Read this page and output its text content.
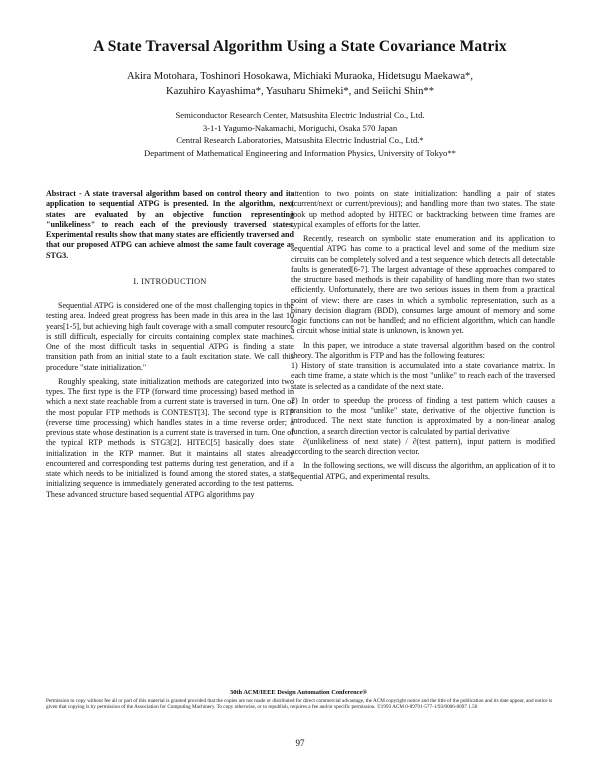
A State Traversal Algorithm Using a State Covariance Matrix
Akira Motohara, Toshinori Hosokawa, Michiaki Muraoka, Hidetsugu Maekawa*,
Kazuhiro Kayashima*, Yasuharu Shimeki*, and Seiichi Shin**
Semiconductor Research Center, Matsushita Electric Industrial Co., Ltd.
3-1-1 Yagumo-Nakamachi, Moriguchi, Osaka 570 Japan
Central Research Laboratories, Matsushita Electric Industrial Co., Ltd.*
Department of Mathematical Engineering and Information Physics, University of Tokyo**

Abstract - A state traversal algorithm based on control theory and its application to sequential ATPG is presented. In the algorithm, next states are evaluated by an objective function representing "unlikeliness" to reach each of the previously traversed states. Experimental results show that many states are efficiently traversed and that our proposed ATPG can achieve almost the same fault coverage as STG3.

I. INTRODUCTION

Sequential ATPG is considered one of the most challenging topics in the testing area. Indeed great progress has been made in this area in the last 10 years[1-5], but achieving high fault coverage with a small computer resource is still difficult, especially for circuits containing complex state machines. One of the most difficult tasks in sequential ATPG is finding a state transition path from an initial state to a fault excitation state. We call this procedure "state initialization."

Roughly speaking, state initialization methods are categorized into two types. The first type is the FTP (forward time processing) based method in which a next state reachable from a current state is traversed in turn. One of the most popular FTP methods is CONTEST[3]. The second type is RTP (reverse time processing) which handles states in a time reverse order; a previous state whose destination is a current state is traversed in turn. One of the typical RTP methods is STG3[2]. HITEC[5] basically does state initialization in the RTP manner. But it maintains all states already encountered and corresponding test patterns during test generation, and if a state which needs to be initialized is found among the stored states, a state initializing sequence is immediately generated according to the test patterns. These advanced structure based sequential ATPG algorithms pay

attention to two points on state initialization: handling a pair of states (current/next or current/previous); and handling more than two states. The state look up method adopted by HITEC or backtracking between time frames are typical examples of efforts for the latter.

Recently, research on symbolic state enumeration and its application to sequential ATPG has come to a practical level and some of the medium size circuits can be completely solved and a test sequence which detects all detectable faults is generated[6-7]. The largest advantage of these approaches compared to the structure based methods is their capability of handling more than two states efficiently. Unfortunately, there are two serious issues in them from a practical point of view: there are cases in which a symbolic representation, such as a binary decision diagram (BDD), consumes large amount of memory and some logic functions can not be handled; and no efficient algorithm, which can handle a circuit whose initial state is unknown, is known yet.

In this paper, we introduce a state traversal algorithm based on the control theory. The algorithm is FTP and has the following features:

1) History of state transition is accumulated into a state covariance matrix. In each time frame, a state which is the most "unlike" to reach each of the traversed state is selected as a candidate of the next state.

2) In order to speedup the process of finding a test pattern which causes a transition to the most "unlike" state, derivative of the objective function is introduced. The next state function is approximated by a non-linear analog function, a search direction vector is calculated by partial derivative

∂(unlikeliness of next state) / ∂(test pattern), input pattern is modified according to the search direction vector.

In the following sections, we will discuss the algorithm, an application of it to sequential ATPG, and experimental results.

30th ACM/IEEE Design Automation Conference®
Permission to copy without fee all or part of this material is granted provided that the copies are not made or distributed for direct commercial advantage, the ACM copyright notice and the title of the publication and its date appear, and notice is given that copying is by permission of the Association for Computing Machinery. To copy otherwise, or to republish, requires a fee and/or specific permission. ©1993 ACM 0-89791-577-1/93/0006-0097 1.50
97
